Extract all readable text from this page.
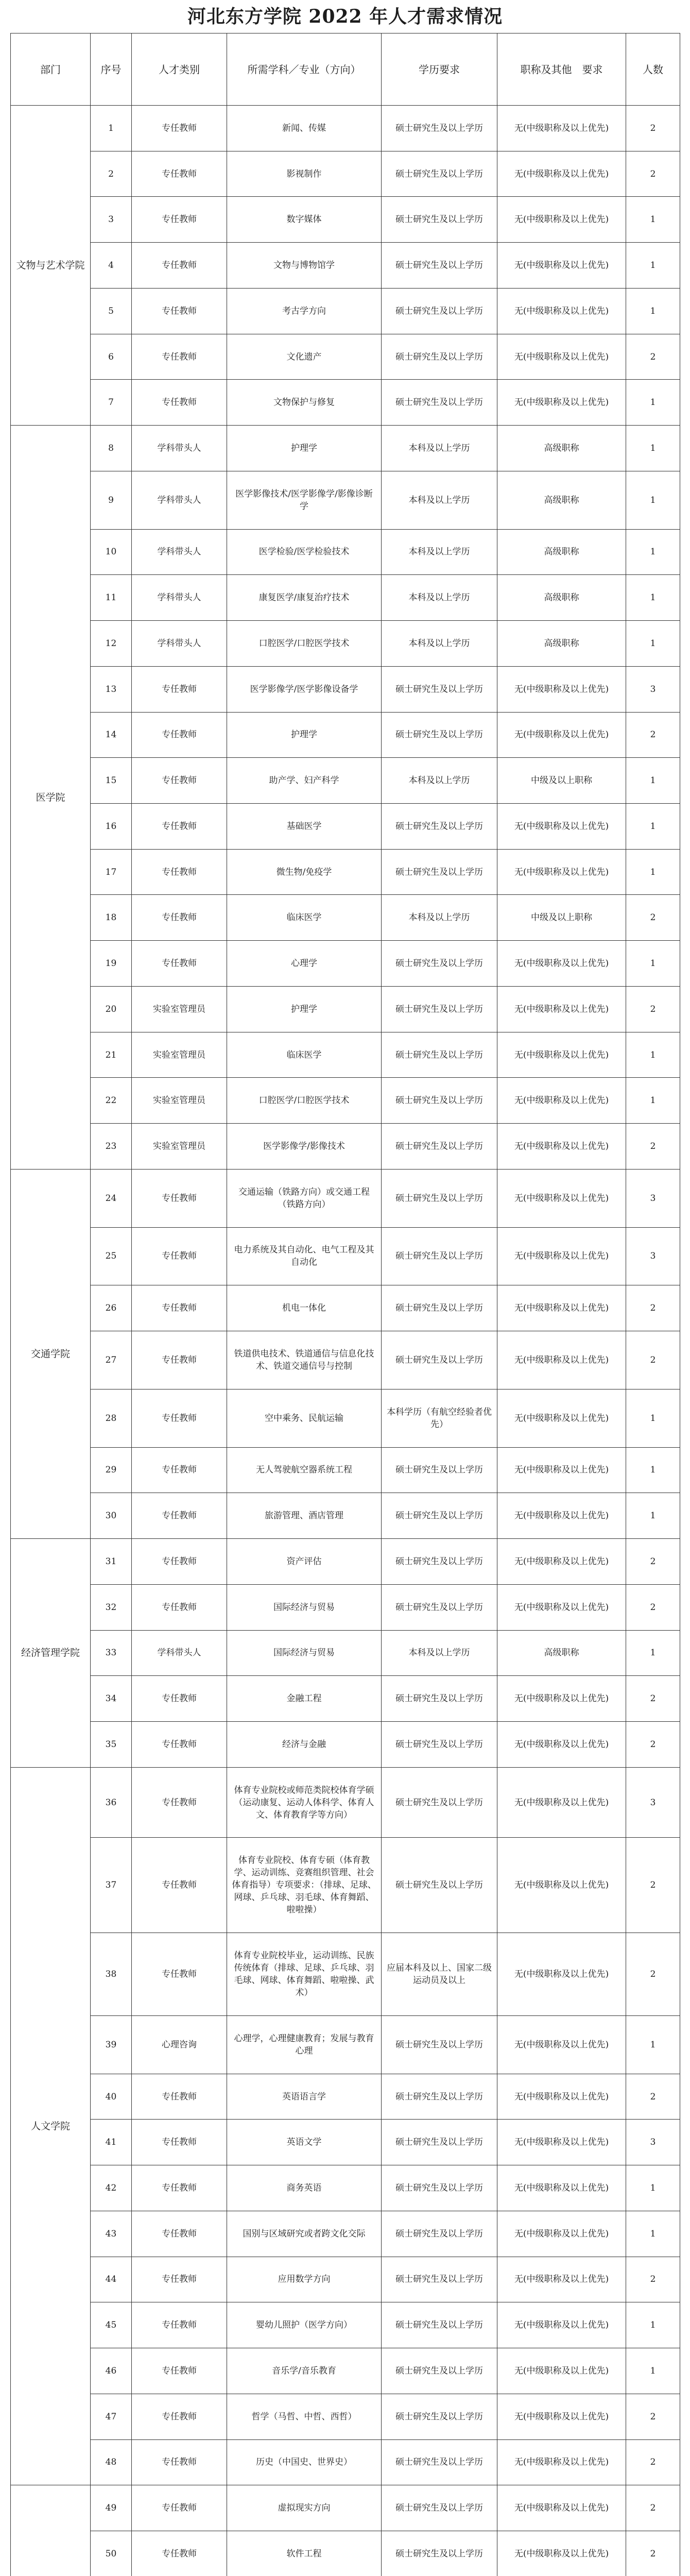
河北东方学院 2022 年人才需求情况
部门	序号	人才类别	所需学科／专业（方向）	学历要求	职称及其他　要求	人数
文物与艺术学院	1	专任教师	新闻、传媒	硕士研究生及以上学历	无(中级职称及以上优先)	2
	2	专任教师	影视制作	硕士研究生及以上学历	无(中级职称及以上优先)	2
	3	专任教师	数字媒体	硕士研究生及以上学历	无(中级职称及以上优先)	1
	4	专任教师	文物与博物馆学	硕士研究生及以上学历	无(中级职称及以上优先)	1
	5	专任教师	考古学方向	硕士研究生及以上学历	无(中级职称及以上优先)	1
	6	专任教师	文化遗产	硕士研究生及以上学历	无(中级职称及以上优先)	2
	7	专任教师	文物保护与修复	硕士研究生及以上学历	无(中级职称及以上优先)	1
医学院	8	学科带头人	护理学	本科及以上学历	高级职称	1
	9	学科带头人	医学影像技术/医学影像学/影像诊断学	本科及以上学历	高级职称	1
	10	学科带头人	医学检验/医学检验技术	本科及以上学历	高级职称	1
	11	学科带头人	康复医学/康复治疗技术	本科及以上学历	高级职称	1
	12	学科带头人	口腔医学/口腔医学技术	本科及以上学历	高级职称	1
	13	专任教师	医学影像学/医学影像设备学	硕士研究生及以上学历	无(中级职称及以上优先)	3
	14	专任教师	护理学	硕士研究生及以上学历	无(中级职称及以上优先)	2
	15	专任教师	助产学、妇产科学	本科及以上学历	中级及以上职称	1
	16	专任教师	基础医学	硕士研究生及以上学历	无(中级职称及以上优先)	1
	17	专任教师	微生物/免疫学	硕士研究生及以上学历	无(中级职称及以上优先)	1
	18	专任教师	临床医学	本科及以上学历	中级及以上职称	2
	19	专任教师	心理学	硕士研究生及以上学历	无(中级职称及以上优先)	1
	20	实验室管理员	护理学	硕士研究生及以上学历	无(中级职称及以上优先)	2
	21	实验室管理员	临床医学	硕士研究生及以上学历	无(中级职称及以上优先)	1
	22	实验室管理员	口腔医学/口腔医学技术	硕士研究生及以上学历	无(中级职称及以上优先)	1
	23	实验室管理员	医学影像学/影像技术	硕士研究生及以上学历	无(中级职称及以上优先)	2
交通学院	24	专任教师	交通运输（铁路方向）或交通工程（铁路方向）	硕士研究生及以上学历	无(中级职称及以上优先)	3
	25	专任教师	电力系统及其自动化、电气工程及其自动化	硕士研究生及以上学历	无(中级职称及以上优先)	3
	26	专任教师	机电一体化	硕士研究生及以上学历	无(中级职称及以上优先)	2
	27	专任教师	铁道供电技术、铁道通信与信息化技术、铁道交通信号与控制	硕士研究生及以上学历	无(中级职称及以上优先)	2
	28	专任教师	空中乘务、民航运输	本科学历（有航空经验者优先）	无(中级职称及以上优先)	1
	29	专任教师	无人驾驶航空器系统工程	硕士研究生及以上学历	无(中级职称及以上优先)	1
	30	专任教师	旅游管理、酒店管理	硕士研究生及以上学历	无(中级职称及以上优先)	1
经济管理学院	31	专任教师	资产评估	硕士研究生及以上学历	无(中级职称及以上优先)	2
	32	专任教师	国际经济与贸易	硕士研究生及以上学历	无(中级职称及以上优先)	2
	33	学科带头人	国际经济与贸易	本科及以上学历	高级职称	1
	34	专任教师	金融工程	硕士研究生及以上学历	无(中级职称及以上优先)	2
	35	专任教师	经济与金融	硕士研究生及以上学历	无(中级职称及以上优先)	2
人文学院	36	专任教师	体育专业院校或师范类院校体育学硕（运动康复、运动人体科学、体育人文、体育教育学等方向）	硕士研究生及以上学历	无(中级职称及以上优先)	3
	37	专任教师	体育专业院校、体育专硕（体育教学、运动训练、竞赛组织管理、社会体育指导）专项要求：（排球、足球、网球、乒乓球、羽毛球、体育舞蹈、啦啦操）	硕士研究生及以上学历	无(中级职称及以上优先)	2
	38	专任教师	体育专业院校毕业，运动训练、民族传统体育（排球、足球、乒乓球、羽毛球、网球、体育舞蹈、啦啦操、武术）	应届本科及以上、国家二级运动员及以上	无(中级职称及以上优先)	2
	39	心理咨询	心理学，心理健康教育；发展与教育心理	硕士研究生及以上学历	无(中级职称及以上优先)	1
	40	专任教师	英语语言学	硕士研究生及以上学历	无(中级职称及以上优先)	2
	41	专任教师	英语文学	硕士研究生及以上学历	无(中级职称及以上优先)	3
	42	专任教师	商务英语	硕士研究生及以上学历	无(中级职称及以上优先)	1
	43	专任教师	国别与区域研究或者跨文化交际	硕士研究生及以上学历	无(中级职称及以上优先)	1
	44	专任教师	应用数学方向	硕士研究生及以上学历	无(中级职称及以上优先)	2
	45	专任教师	婴幼儿照护（医学方向）	硕士研究生及以上学历	无(中级职称及以上优先)	1
	46	专任教师	音乐学/音乐教育	硕士研究生及以上学历	无(中级职称及以上优先)	1
	47	专任教师	哲学（马哲、中哲、西哲）	硕士研究生及以上学历	无(中级职称及以上优先)	2
	48	专任教师	历史（中国史、世界史）	硕士研究生及以上学历	无(中级职称及以上优先)	2
	49	专任教师	虚拟现实方向	硕士研究生及以上学历	无(中级职称及以上优先)	2
	50	专任教师	软件工程	硕士研究生及以上学历	无(中级职称及以上优先)	2
